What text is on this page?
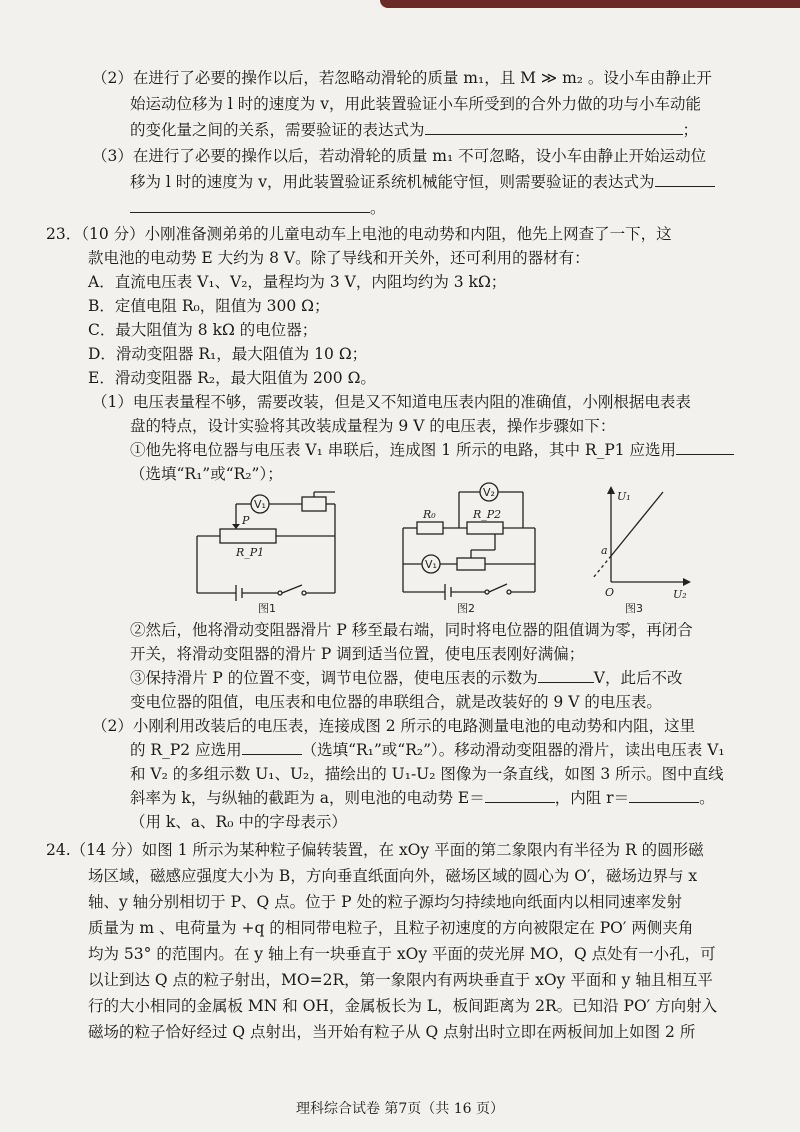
（2）在进行了必要的操作以后，若忽略动滑轮的质量 m₁，且 M ≫ m₂ 。设小车由静止开
始运动位移为 l 时的速度为 v，用此装置验证小车所受到的合外力做的功与小车动能
的变化量之间的关系，需要验证的表达式为	；
（3）在进行了必要的操作以后，若动滑轮的质量 m₁ 不可忽略，设小车由静止开始运动位
移为 l 时的速度为 v，用此装置验证系统机械能守恒，则需要验证的表达式为
。
23．（10 分）小刚准备测弟弟的儿童电动车上电池的电动势和内阻，他先上网查了一下，这
款电池的电动势 E 大约为 8 V。除了导线和开关外，还可利用的器材有：
A．直流电压表 V₁、V₂，量程均为 3 V，内阻均约为 3 kΩ；
B．定值电阻 R₀，阻值为 300 Ω；
C．最大阻值为 8 kΩ 的电位器；
D．滑动变阻器 R₁，最大阻值为 10 Ω；
E．滑动变阻器 R₂，最大阻值为 200 Ω。
（1）电压表量程不够，需要改装，但是又不知道电压表内阻的准确值，小刚根据电表表
盘的特点，设计实验将其改装成量程为 9 V 的电压表，操作步骤如下：
①他先将电位器与电压表 V₁ 串联后，连成图 1 所示的电路，其中 R_P1 应选用
（选填“R₁”或“R₂”）；
V₁
P
R_P1
图1
V₂
V₁
R₀	R_P2
图2
U₁
U₂
a
O
图3
②然后，他将滑动变阻器滑片 P 移至最右端，同时将电位器的阻值调为零，再闭合
开关，将滑动变阻器的滑片 P 调到适当位置，使电压表刚好满偏；
③保持滑片 P 的位置不变，调节电位器，使电压表的示数为	V，此后不改
变电位器的阻值，电压表和电位器的串联组合，就是改装好的 9 V 的电压表。
（2）小刚利用改装后的电压表，连接成图 2 所示的电路测量电池的电动势和内阻，这里
的 R_P2 应选用	（选填“R₁”或“R₂”）。移动滑动变阻器的滑片，读出电压表 V₁
和 V₂ 的多组示数 U₁、U₂，描绘出的 U₁-U₂ 图像为一条直线，如图 3 所示。图中直线
斜率为 k，与纵轴的截距为 a，则电池的电动势 E＝	，内阻 r＝	。
（用 k、a、R₀ 中的字母表示）
24.（14 分）如图 1 所示为某种粒子偏转装置，在 xOy 平面的第二象限内有半径为 R 的圆形磁
场区域，磁感应强度大小为 B，方向垂直纸面向外，磁场区域的圆心为 O′，磁场边界与 x
轴、y 轴分别相切于 P、Q 点。位于 P 处的粒子源均匀持续地向纸面内以相同速率发射
质量为 m 、电荷量为 +q 的相同带电粒子，且粒子初速度的方向被限定在 PO′ 两侧夹角
均为 53° 的范围内。在 y 轴上有一块垂直于 xOy 平面的荧光屏 MO，Q 点处有一小孔，可
以让到达 Q 点的粒子射出，MO=2R，第一象限内有两块垂直于 xOy 平面和 y 轴且相互平
行的大小相同的金属板 MN 和 OH，金属板长为 L，板间距离为 2R。已知沿 PO′ 方向射入
磁场的粒子恰好经过 Q 点射出，当开始有粒子从 Q 点射出时立即在两板间加上如图 2 所
理科综合试卷 第7页（共 16 页）
